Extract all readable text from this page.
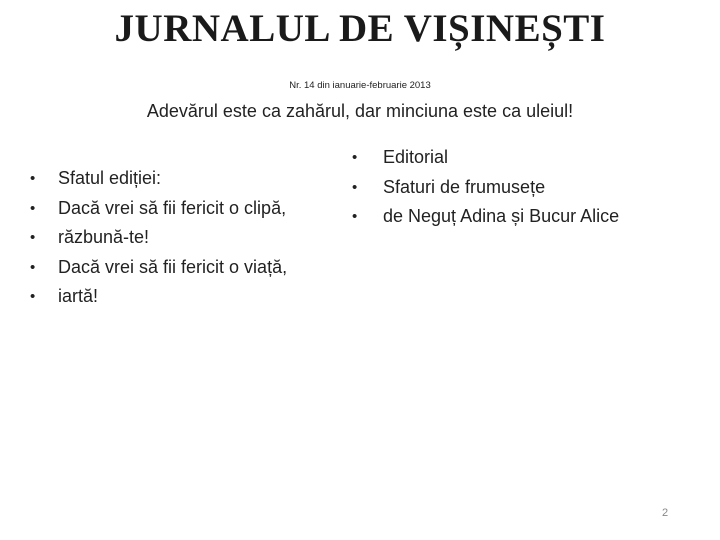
JURNALUL DE VIȘINEȘTI
Nr. 14 din ianuarie-februarie 2013
Adevărul este ca zahărul, dar minciuna este ca uleiul!
• Sfatul ediției:
• Dacă vrei să fii fericit o clipă,
• răzbună-te!
• Dacă vrei să fii fericit o viață,
• iartă!
• Editorial
• Sfaturi de frumusețe
• de Neguț Adina și Bucur Alice
2
